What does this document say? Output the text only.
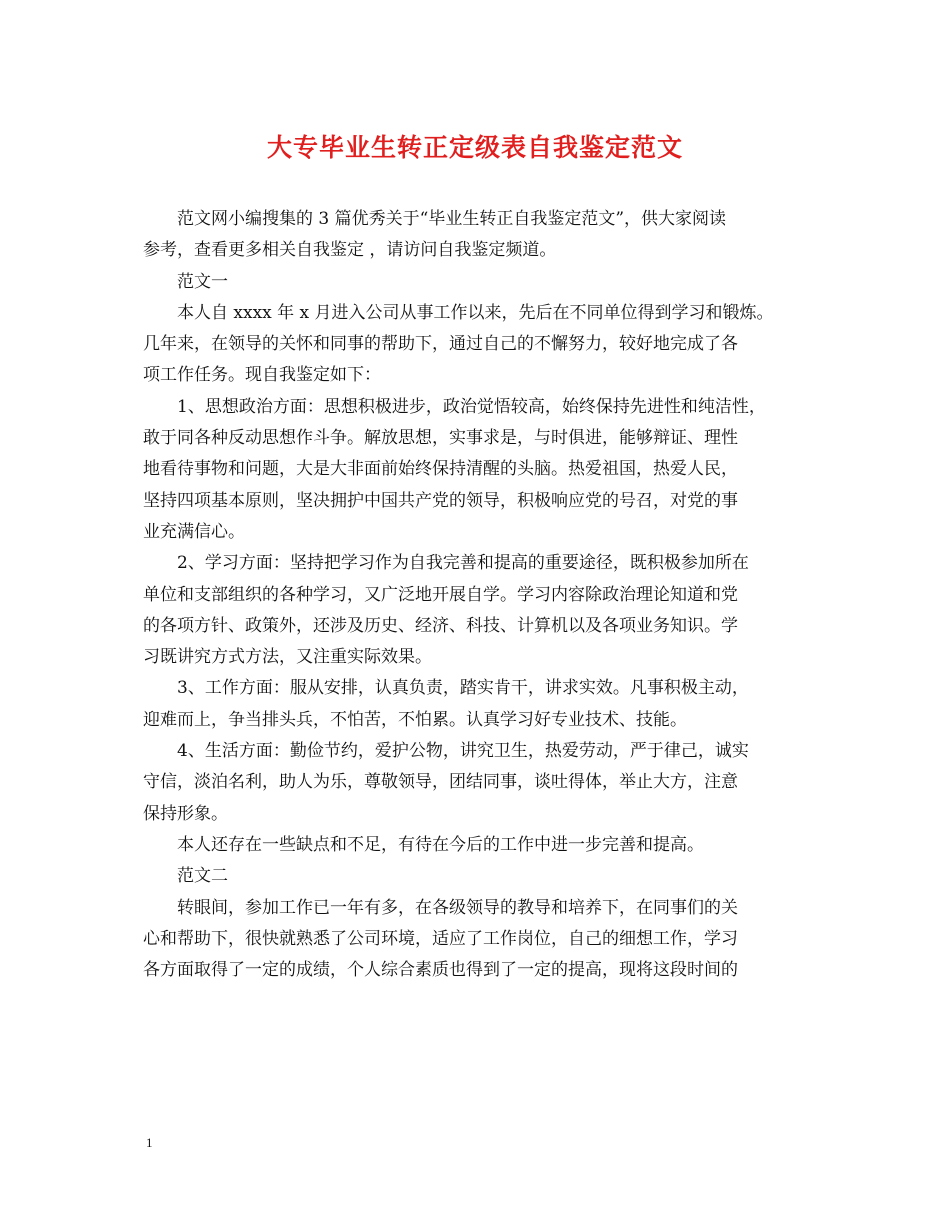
大专毕业生转正定级表自我鉴定范文
范文网小编搜集的 3 篇优秀关于“毕业生转正自我鉴定范文”，供大家阅读
参考，查看更多相关自我鉴定 ，请访问自我鉴定频道。
范文一
本人自 xxxx 年 x 月进入公司从事工作以来，先后在不同单位得到学习和锻炼。
几年来，在领导的关怀和同事的帮助下，通过自己的不懈努力，较好地完成了各
项工作任务。现自我鉴定如下：
1、思想政治方面：思想积极进步，政治觉悟较高，始终保持先进性和纯洁性，
敢于同各种反动思想作斗争。解放思想，实事求是，与时俱进，能够辩证、理性
地看待事物和问题，大是大非面前始终保持清醒的头脑。热爱祖国，热爱人民，
坚持四项基本原则，坚决拥护中国共产党的领导，积极响应党的号召，对党的事
业充满信心。
2、学习方面：坚持把学习作为自我完善和提高的重要途径，既积极参加所在
单位和支部组织的各种学习，又广泛地开展自学。学习内容除政治理论知道和党
的各项方针、政策外，还涉及历史、经济、科技、计算机以及各项业务知识。学
习既讲究方式方法，又注重实际效果。
3、工作方面：服从安排，认真负责，踏实肯干，讲求实效。凡事积极主动，
迎难而上，争当排头兵，不怕苦，不怕累。认真学习好专业技术、技能。
4、生活方面：勤俭节约，爱护公物，讲究卫生，热爱劳动，严于律己，诚实
守信，淡泊名利，助人为乐，尊敬领导，团结同事，谈吐得体，举止大方，注意
保持形象。
本人还存在一些缺点和不足，有待在今后的工作中进一步完善和提高。
范文二
转眼间，参加工作已一年有多，在各级领导的教导和培养下，在同事们的关
心和帮助下，很快就熟悉了公司环境，适应了工作岗位，自己的细想工作，学习
各方面取得了一定的成绩，个人综合素质也得到了一定的提高，现将这段时间的
1
